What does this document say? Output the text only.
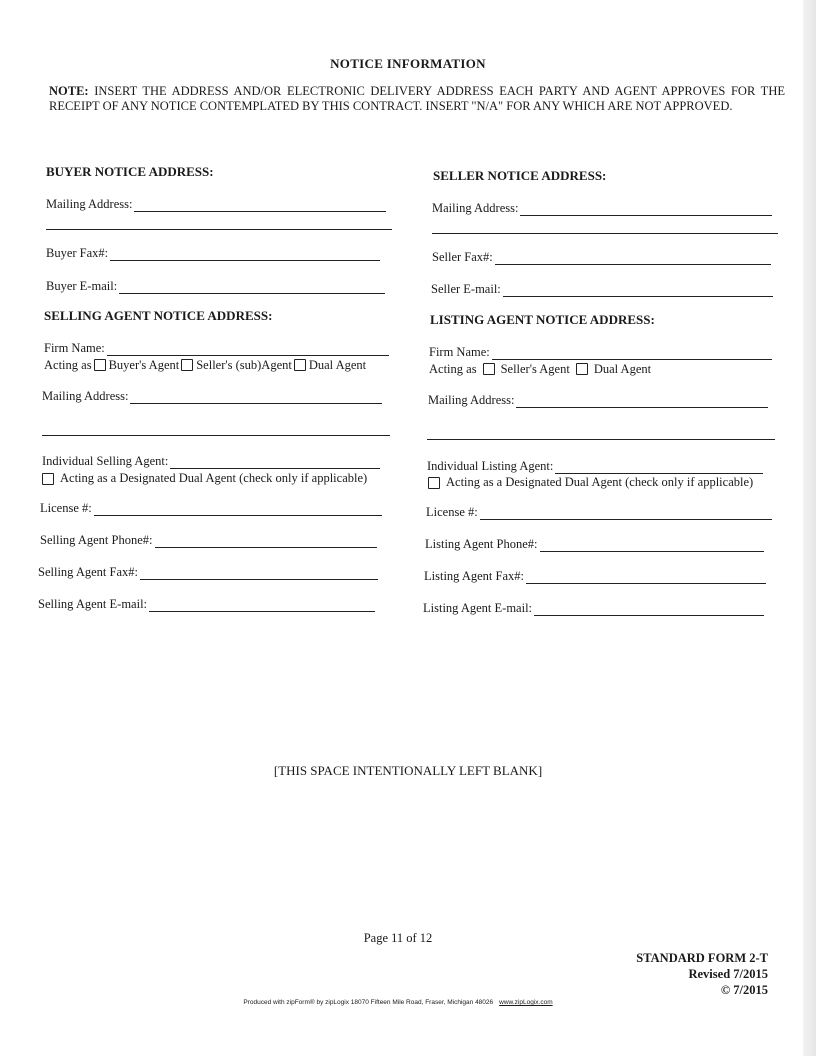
NOTICE INFORMATION
NOTE: INSERT THE ADDRESS AND/OR ELECTRONIC DELIVERY ADDRESS EACH PARTY AND AGENT APPROVES FOR THE RECEIPT OF ANY NOTICE CONTEMPLATED BY THIS CONTRACT. INSERT "N/A" FOR ANY WHICH ARE NOT APPROVED.
BUYER NOTICE ADDRESS:
Mailing Address:
Buyer Fax#:
Buyer E-mail:
SELLING AGENT NOTICE ADDRESS:
Firm Name:
Acting as Buyer's Agent Seller's (sub)Agent Dual Agent
Mailing Address:
Individual Selling Agent:
Acting as a Designated Dual Agent (check only if applicable)
License #:
Selling Agent Phone#:
Selling Agent Fax#:
Selling Agent E-mail:
SELLER NOTICE ADDRESS:
Mailing Address:
Seller Fax#:
Seller E-mail:
LISTING AGENT NOTICE ADDRESS:
Firm Name:
Acting as Seller's Agent Dual Agent
Mailing Address:
Individual Listing Agent:
Acting as a Designated Dual Agent (check only if applicable)
License #:
Listing Agent Phone#:
Listing Agent Fax#:
Listing Agent E-mail:
[THIS SPACE INTENTIONALLY LEFT BLANK]
Page 11 of 12
STANDARD FORM 2-T
Revised 7/2015
© 7/2015
Produced with zipForm® by zipLogix 18070 Fifteen Mile Road, Fraser, Michigan 48026 www.zipLogix.com
